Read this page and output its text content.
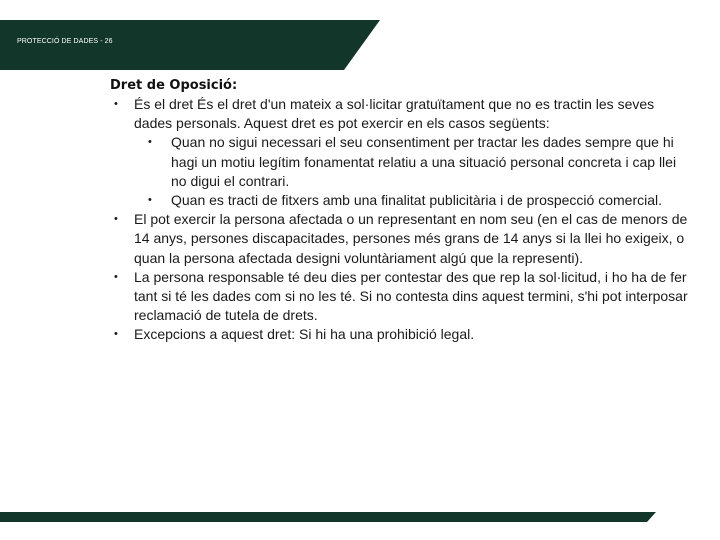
PROTECCIÓ DE DADES - 26
Dret de Oposició:
• És el dret És el dret d'un mateix a sol·licitar gratuïtament que no es tractin les seves dades personals. Aquest dret es pot exercir en els casos següents:
• Quan no sigui necessari el seu consentiment per tractar les dades sempre que hi hagi un motiu legítim fonamentat relatiu a una situació personal concreta i cap llei no digui el contrari.
• Quan es tracti de fitxers amb una finalitat publicitària i de prospecció comercial.
• El pot exercir la persona afectada o un representant en nom seu (en el cas de menors de 14 anys, persones discapacitades, persones més grans de 14 anys si la llei ho exigeix, o quan la persona afectada designi voluntàriament algú que la representi).
• La persona responsable té deu dies per contestar des que rep la sol·licitud, i ho ha de fer tant si té les dades com si no les té. Si no contesta dins aquest termini, s'hi pot interposar reclamació de tutela de drets.
• Excepcions a aquest dret: Si hi ha una prohibició legal.
